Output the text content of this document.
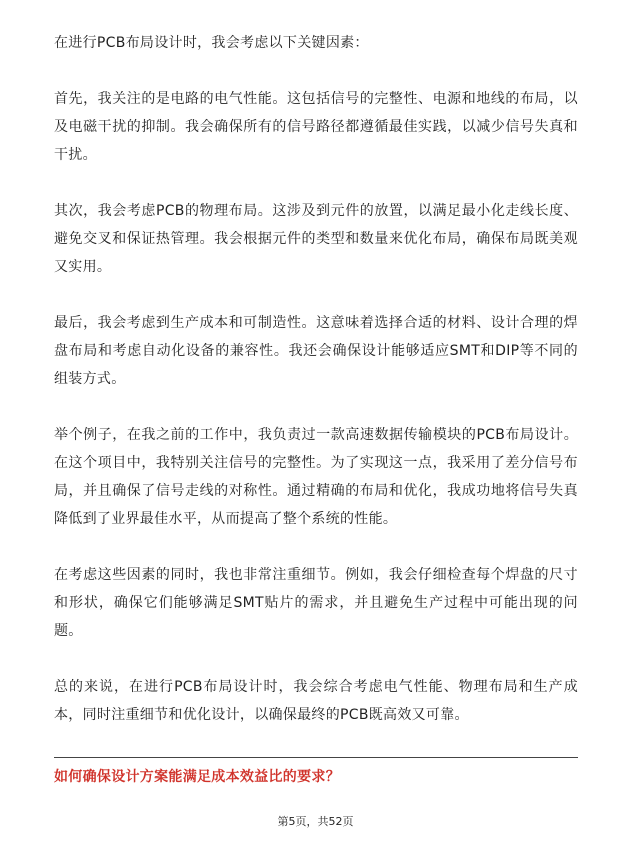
在进行PCB布局设计时，我会考虑以下关键因素：

首先，我关注的是电路的电气性能。这包括信号的完整性、电源和地线的布局，以及电磁干扰的抑制。我会确保所有的信号路径都遵循最佳实践，以减少信号失真和干扰。

其次，我会考虑PCB的物理布局。这涉及到元件的放置，以满足最小化走线长度、避免交叉和保证热管理。我会根据元件的类型和数量来优化布局，确保布局既美观又实用。

最后，我会考虑到生产成本和可制造性。这意味着选择合适的材料、设计合理的焊盘布局和考虑自动化设备的兼容性。我还会确保设计能够适应SMT和DIP等不同的组装方式。

举个例子，在我之前的工作中，我负责过一款高速数据传输模块的PCB布局设计。在这个项目中，我特别关注信号的完整性。为了实现这一点，我采用了差分信号布局，并且确保了信号走线的对称性。通过精确的布局和优化，我成功地将信号失真降低到了业界最佳水平，从而提高了整个系统的性能。

在考虑这些因素的同时，我也非常注重细节。例如，我会仔细检查每个焊盘的尺寸和形状，确保它们能够满足SMT贴片的需求，并且避免生产过程中可能出现的问题。

总的来说，在进行PCB布局设计时，我会综合考虑电气性能、物理布局和生产成本，同时注重细节和优化设计，以确保最终的PCB既高效又可靠。

如何确保设计方案能满足成本效益比的要求？

第5页，共52页
